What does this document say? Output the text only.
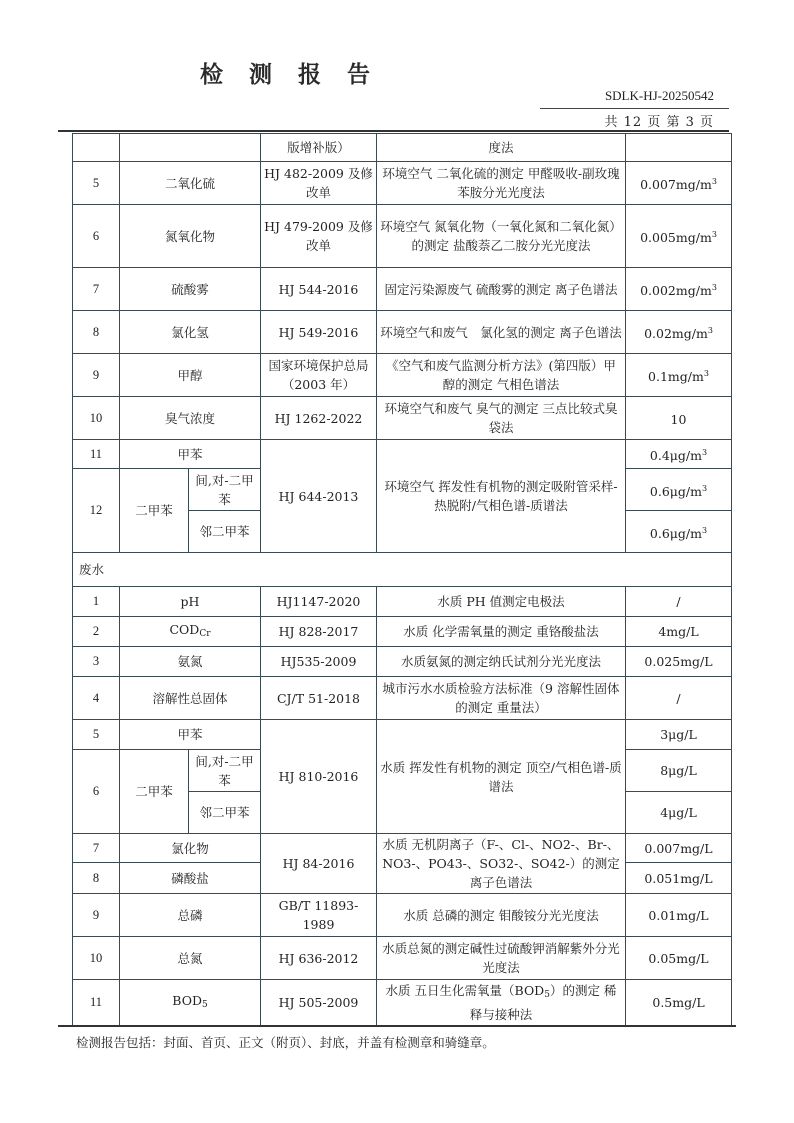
检 测 报 告
SDLK-HJ-20250542
共 12 页 第 3 页
			版增补版）	度法	
5	二氧化硫		HJ 482-2009 及修改单	环境空气 二氧化硫的测定 甲醛吸收-副玫瑰苯胺分光光度法	$0.007mg/m^3$
6	氮氧化物		HJ 479-2009 及修改单	环境空气 氮氧化物（一氧化氮和二氧化氮）的测定 盐酸萘乙二胺分光光度法	$0.005mg/m^3$
7	硫酸雾		HJ 544-2016	固定污染源废气 硫酸雾的测定 离子色谱法	$0.002mg/m^3$
8	氯化氢		HJ 549-2016	环境空气和废气　氯化氢的测定 离子色谱法	$0.02mg/m^3$
9	甲醇		国家环境保护总局 （2003 年）	《空气和废气监测分析方法》(第四版）甲醇的测定 气相色谱法	$0.1mg/m^3$
10	臭气浓度		HJ 1262-2022	环境空气和废气 臭气的测定 三点比较式臭袋法	10
11	甲苯		HJ 644-2013	环境空气 挥发性有机物的测定吸附管采样-热脱附/气相色谱-质谱法	$0.4\mu g/m^3$
12	二甲苯	间,对-二甲苯			$0.6\mu g/m^3$
		邻二甲苯			$0.6\mu g/m^3$
废水					
1	pH		HJ1147-2020	水质 PH 值测定电极法	/
2	$COD_{Cr}$		HJ 828-2017	水质 化学需氧量的测定 重铬酸盐法	4mg/L
3	氨氮		HJ535-2009	水质氨氮的测定纳氏试剂分光光度法	0.025mg/L
4	溶解性总固体		CJ/T 51-2018	城市污水水质检验方法标准（9 溶解性固体的测定 重量法）	/
5	甲苯		HJ 810-2016	水质 挥发性有机物的测定 顶空/气相色谱-质谱法	3μg/L
6	二甲苯	间,对-二甲苯			8μg/L
		邻二甲苯			4μg/L
7	氯化物		HJ 84-2016	水质 无机阴离子（F-、Cl-、NO2-、Br-、NO3-、PO43-、SO32-、SO42-）的测定 离子色谱法	0.007mg/L
8	磷酸盐				0.051mg/L
9	总磷		GB/T 11893-1989	水质 总磷的测定 钼酸铵分光光度法	0.01mg/L
10	总氮		HJ 636-2012	水质总氮的测定碱性过硫酸钾消解紫外分光光度法	0.05mg/L
11	$BOD_5$		HJ 505-2009	水质 五日生化需氧量$(BOD_5)$的测定 稀释与接种法	0.5mg/L
检测报告包括：封面、首页、正文（附页）、封底，并盖有检测章和骑缝章。
